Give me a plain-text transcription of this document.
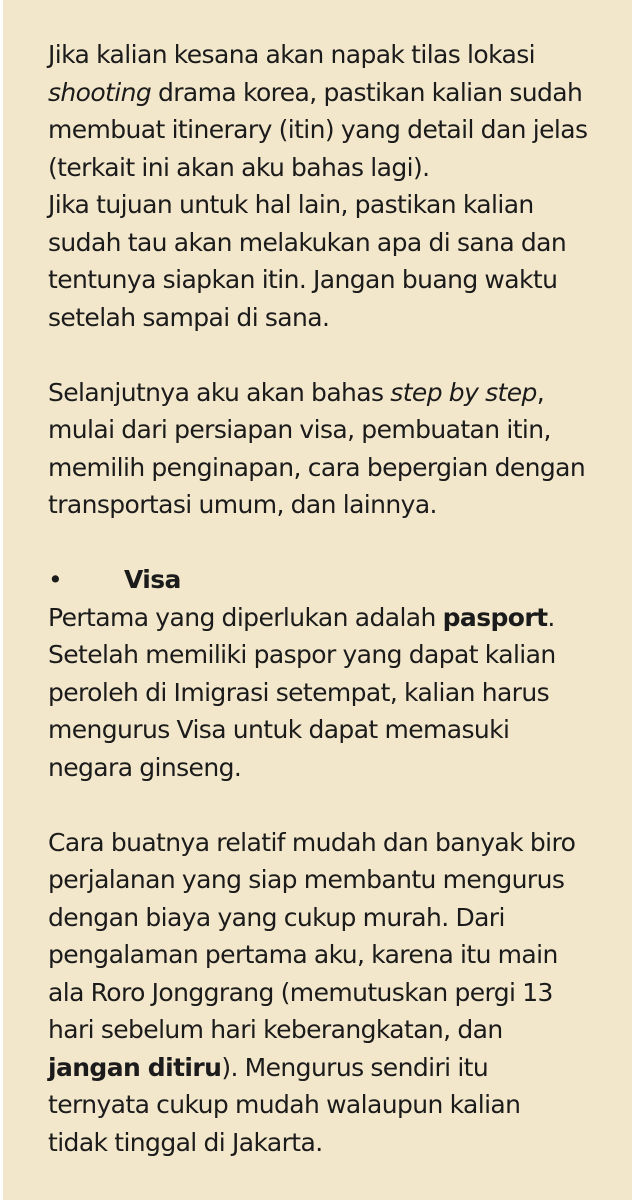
Jika kalian kesana akan napak tilas lokasi
shooting drama korea, pastikan kalian sudah
membuat itinerary (itin) yang detail dan jelas
(terkait ini akan aku bahas lagi).
Jika tujuan untuk hal lain, pastikan kalian
sudah tau akan melakukan apa di sana dan
tentunya siapkan itin. Jangan buang waktu
setelah sampai di sana.
Selanjutnya aku akan bahas step by step,
mulai dari persiapan visa, pembuatan itin,
memilih penginapan, cara bepergian dengan
transportasi umum, dan lainnya.
• Visa
Pertama yang diperlukan adalah pasport.
Setelah memiliki paspor yang dapat kalian
peroleh di Imigrasi setempat, kalian harus
mengurus Visa untuk dapat memasuki
negara ginseng.
Cara buatnya relatif mudah dan banyak biro
perjalanan yang siap membantu mengurus
dengan biaya yang cukup murah. Dari
pengalaman pertama aku, karena itu main
ala Roro Jonggrang (memutuskan pergi 13
hari sebelum hari keberangkatan, dan
jangan ditiru). Mengurus sendiri itu
ternyata cukup mudah walaupun kalian
tidak tinggal di Jakarta.
